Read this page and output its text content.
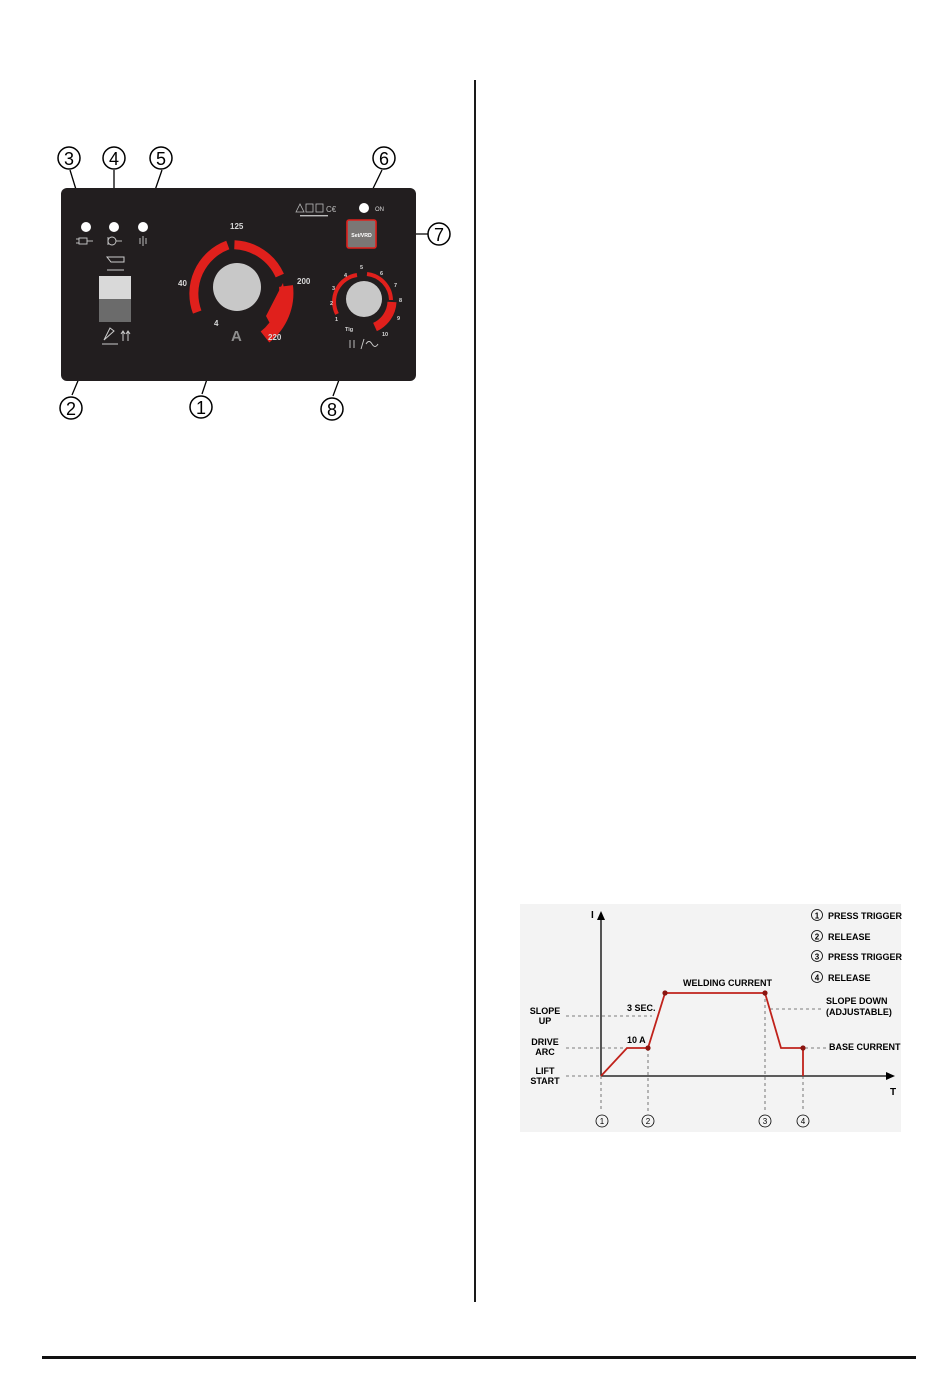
3 4 5	6
7
2	1	8
ON
C€
4
40
125
200
220
A
Set/VRD
1
2
3
4
5
6
7
8
9
10
Tig
I
T
SLOPE
UP
DRIVE
ARC
LIFT
START
WELDING CURRENT
3 SEC.
10 A
SLOPE DOWN
(ADJUSTABLE)
BASE CURRENT
1 PRESS TRIGGER
2 RELEASE
3 PRESS TRIGGER
4 RELEASE
1	2	3	4
